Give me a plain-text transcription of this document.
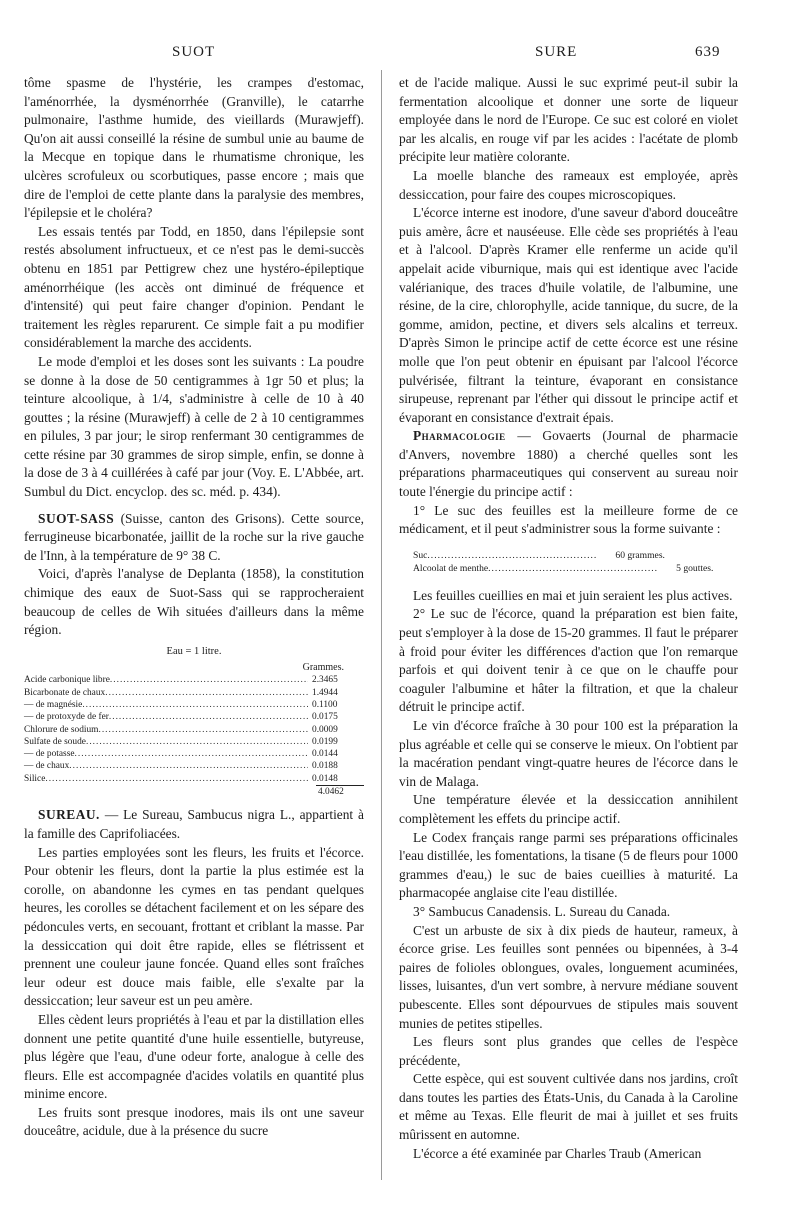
SUOT	SURE	639

tôme spasme de l'hystérie, les crampes d'estomac, l'aménorrhée, la dysménorrhée (Granville), le catarrhe pulmonaire, l'asthme humide, des vieillards (Murawjeff). Qu'on ait aussi conseillé la résine de sumbul unie au baume de la Mecque en topique dans le rhumatisme chronique, les ulcères scrofuleux ou scorbutiques, passe encore ; mais que dire de l'emploi de cette plante dans la paralysie des membres, l'épilepsie et le choléra?

Les essais tentés par Todd, en 1850, dans l'épilepsie sont restés absolument infructueux, et ce n'est pas le demi-succès obtenu en 1851 par Pettigrew chez une hystéro-épileptique aménorrhéique (les accès ont diminué de fréquence et d'intensité) qui peut faire changer d'opinion. Pendant le traitement les règles reparurent. Ce simple fait a pu modifier considérablement la marche des accidents.

Le mode d'emploi et les doses sont les suivants : La poudre se donne à la dose de 50 centigrammes à 1gr 50 et plus; la teinture alcoolique, à 1/4, s'administre à celle de 10 à 40 gouttes ; la résine (Murawjeff) à celle de 2 à 10 centigrammes en pilules, 3 par jour; le sirop renfermant 30 centigrammes de cette résine par 30 grammes de sirop simple, enfin, se donne à la dose de 3 à 4 cuillérées à café par jour (Voy. E. L'Abbée, art. Sumbul du Dict. encyclop. des sc. méd. p. 434).

SUOT-SASS (Suisse, canton des Grisons). Cette source, ferrugineuse bicarbonatée, jaillit de la roche sur la rive gauche de l'Inn, à la température de 9° 38 C.

Voici, d'après l'analyse de Deplanta (1858), la constitution chimique des eaux de Suot-Sass qui se rapprocheraient beaucoup de celles de Wih situées d'ailleurs dans la même région.

Eau = 1 litre.
Grammes.
Acide carbonique libre .....	2.3465
Bicarbonate de chaux .....	1.4944
— de magnésie .....	0.1100
— de protoxyde de fer .....	0.0175
Chlorure de sodium .....	0.0009
Sulfate de soude .....	0.0199
— de potasse .....	0.0144
— de chaux .....	0.0188
Silice .....	0.0148
4.0462

SUREAU. — Le Sureau, Sambucus nigra L., appartient à la famille des Caprifoliacées.

Les parties employées sont les fleurs, les fruits et l'écorce. Pour obtenir les fleurs, dont la partie la plus estimée est la corolle, on abandonne les cymes en tas pendant quelques heures, les corolles se détachent facilement et on les sépare des pédoncules verts, en secouant, frottant et criblant la masse. Par la dessiccation qui doit être rapide, elles se flétrissent et prennent une couleur jaune foncée. Quand elles sont fraîches leur odeur est douce mais faible, elle s'exalte par la dessiccation; leur saveur est un peu amère.

Elles cèdent leurs propriétés à l'eau et par la distillation elles donnent une petite quantité d'une huile essentielle, butyreuse, plus légère que l'eau, d'une odeur forte, analogue à celle des fleurs. Elle est accompagnée d'acides volatils en quantité plus minime encore.

Les fruits sont presque inodores, mais ils ont une saveur douceâtre, acidule, due à la présence du sucre

et de l'acide malique. Aussi le suc exprimé peut-il subir la fermentation alcoolique et donner une sorte de liqueur employée dans le nord de l'Europe. Ce suc est coloré en violet par les alcalis, en rouge vif par les acides : l'acétate de plomb précipite leur matière colorante.

La moelle blanche des rameaux est employée, après dessiccation, pour faire des coupes microscopiques.

L'écorce interne est inodore, d'une saveur d'abord douceâtre puis amère, âcre et nauséeuse. Elle cède ses propriétés à l'eau et à l'alcool. D'après Kramer elle renferme un acide qu'il appelait acide viburnique, mais qui est identique avec l'acide valérianique, des traces d'huile volatile, de l'albumine, une résine, de la cire, chlorophylle, acide tannique, du sucre, de la gomme, amidon, pectine, et divers sels alcalins et terreux. D'après Simon le principe actif de cette écorce est une résine molle que l'on peut obtenir en épuisant par l'alcool l'écorce pulvérisée, filtrant la teinture, évaporant en consistance sirupeuse, reprenant par l'éther qui dissout le principe actif et évaporant en consistance d'extrait épais.

Pharmacologie — Govaerts (Journal de pharmacie d'Anvers, novembre 1880) a cherché quelles sont les préparations pharmaceutiques qui conservent au sureau noir toute l'énergie du principe actif :

1° Le suc des feuilles est la meilleure forme de ce médicament, et il peut s'administrer sous la forme suivante :

Suc .....	60 grammes.
Alcoolat de menthe .....	5 gouttes.

Les feuilles cueillies en mai et juin seraient les plus actives.

2° Le suc de l'écorce, quand la préparation est bien faite, peut s'employer à la dose de 15-20 grammes. Il faut le préparer à froid pour éviter les différences d'action que l'on remarque parfois et qui doivent tenir à ce que on le chauffe pour coaguler l'albumine et hâter la filtration, et que la chaleur détruit le principe actif.

Le vin d'écorce fraîche à 30 pour 100 est la préparation la plus agréable et celle qui se conserve le mieux. On l'obtient par la macération pendant vingt-quatre heures de l'écorce dans le vin de Malaga.

Une température élevée et la dessiccation annihilent complètement les effets du principe actif.

Le Codex français range parmi ses préparations officinales l'eau distillée, les fomentations, la tisane (5 de fleurs pour 1000 grammes d'eau,) le suc de baies cueillies à maturité. La pharmacopée anglaise cite l'eau distillée.

3° Sambucus Canadensis. L. Sureau du Canada.

C'est un arbuste de six à dix pieds de hauteur, rameux, à écorce grise. Les feuilles sont pennées ou bipennées, à 3-4 paires de folioles oblongues, ovales, longuement acuminées, lisses, luisantes, d'un vert sombre, à nervure médiane souvent pubescente. Elles sont dépourvues de stipules mais souvent munies de petites stipelles.

Les fleurs sont plus grandes que celles de l'espèce précédente,

Cette espèce, qui est souvent cultivée dans nos jardins, croît dans toutes les parties des États-Unis, du Canada à la Caroline et même au Texas. Elle fleurit de mai à juillet et ses fruits mûrissent en automne.

L'écorce a été examinée par Charles Traub (American
